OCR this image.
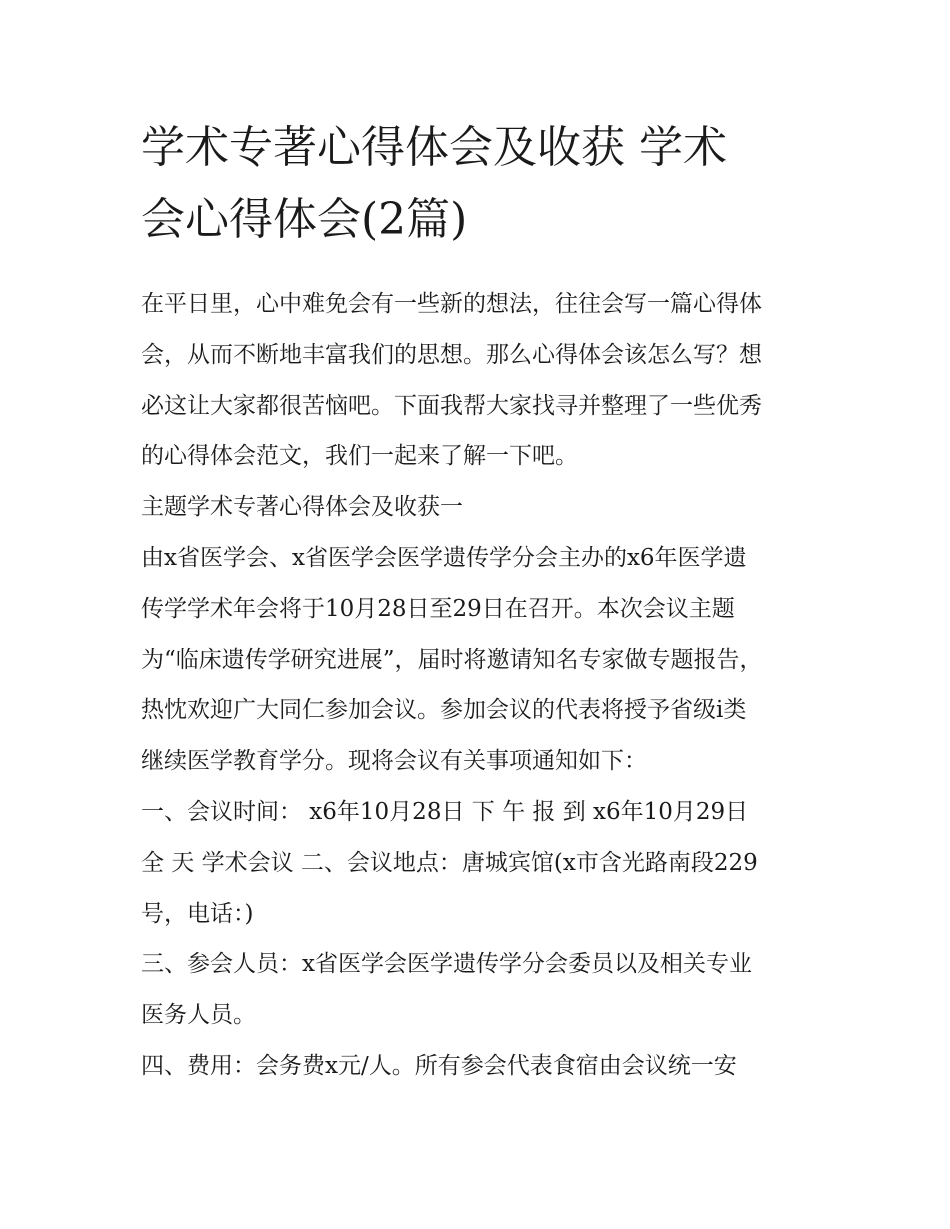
学术专著心得体会及收获 学术
会心得体会(2篇)
在平日里，心中难免会有一些新的想法，往往会写一篇心得体
会，从而不断地丰富我们的思想。那么心得体会该怎么写？想
必这让大家都很苦恼吧。下面我帮大家找寻并整理了一些优秀
的心得体会范文，我们一起来了解一下吧。
主题学术专著心得体会及收获一
由x省医学会、x省医学会医学遗传学分会主办的x6年医学遗
传学学术年会将于10月28日至29日在召开。本次会议主题
为“临床遗传学研究进展”，届时将邀请知名专家做专题报告，
热忱欢迎广大同仁参加会议。参加会议的代表将授予省级i类
继续医学教育学分。现将会议有关事项通知如下：
一、会议时间： x6年10月28日 下 午 报 到 x6年10月29日
全 天 学术会议 二、会议地点：唐城宾馆(x市含光路南段229
号，电话：)
三、参会人员：x省医学会医学遗传学分会委员以及相关专业
医务人员。
四、费用：会务费x元/人。所有参会代表食宿由会议统一安
